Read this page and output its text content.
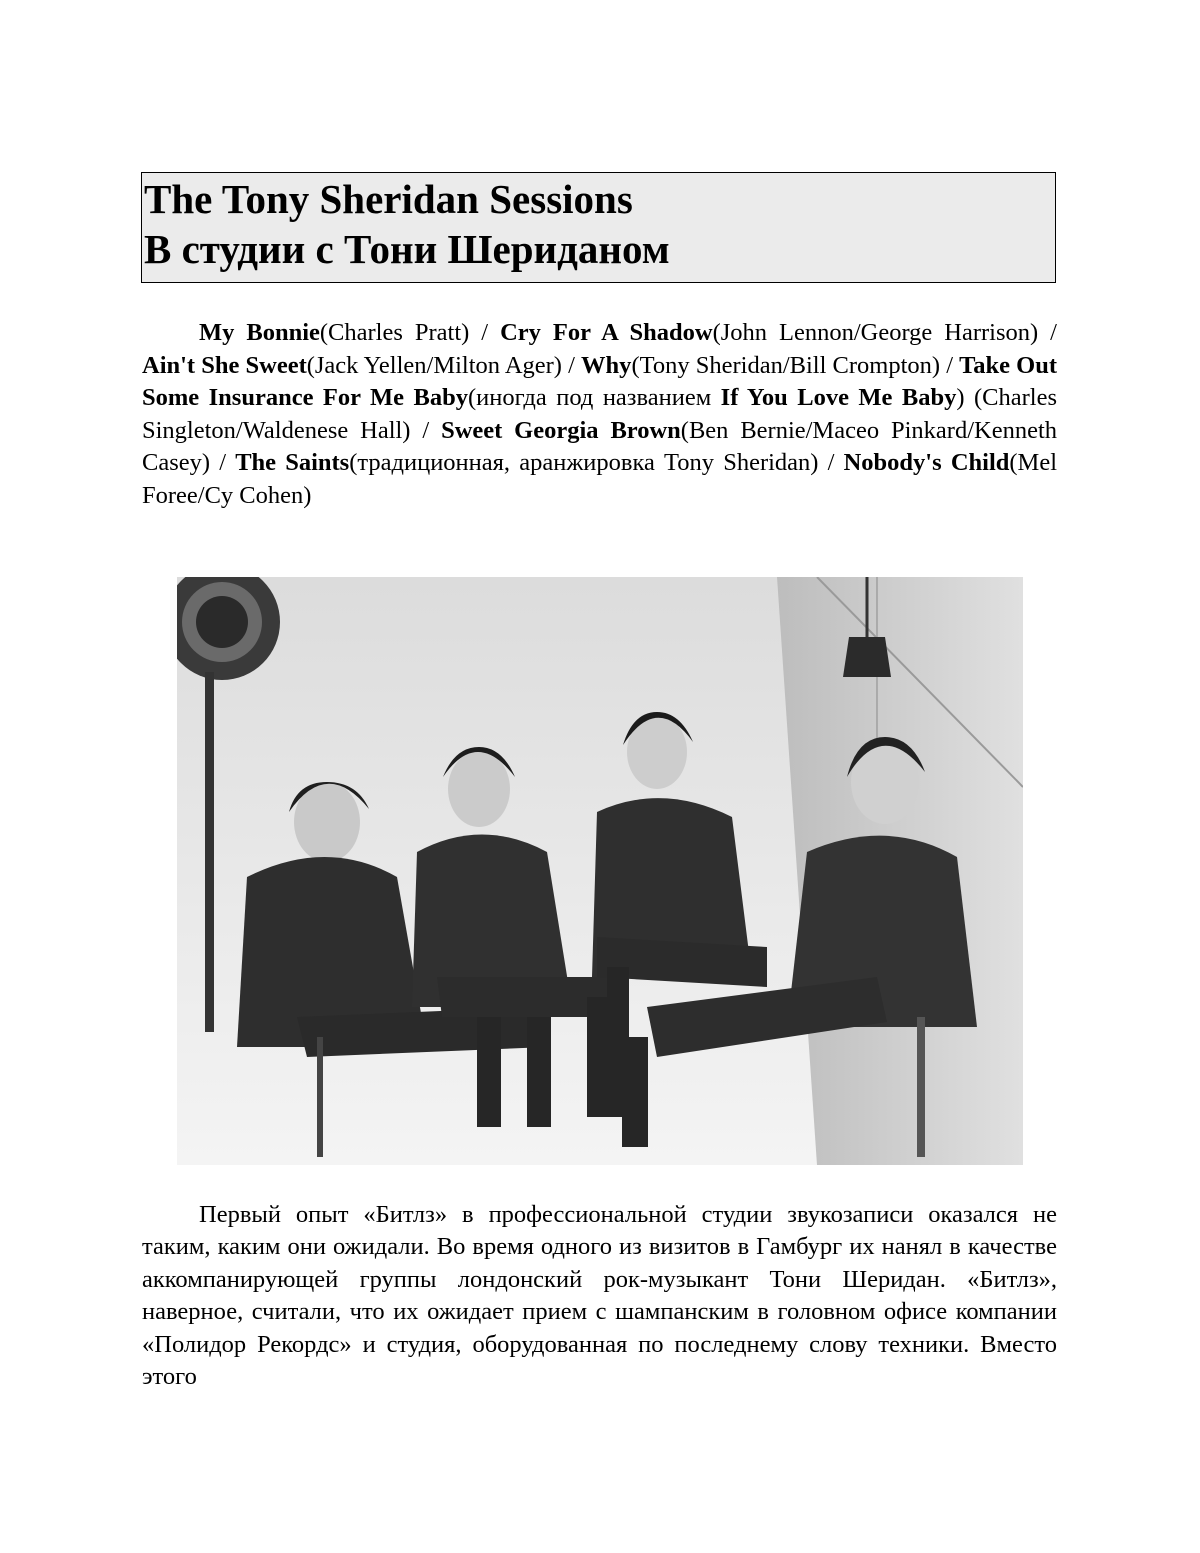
The Tony Sheridan Sessions
В студии с Тони Шериданом
My Bonnie(Charles Pratt) / Cry For A Shadow(John Lennon/George Harrison) / Ain't She Sweet(Jack Yellen/Milton Ager) / Why(Tony Sheridan/Bill Crompton) / Take Out Some Insurance For Me Baby(иногда под названием If You Love Me Baby) (Charles Singleton/Waldenese Hall) / Sweet Georgia Brown(Ben Bernie/Maceo Pinkard/Kenneth Casey) / The Saints(традиционная, аранжировка Tony Sheridan) / Nobody's Child(Mel Foree/Cy Cohen)
Первый опыт «Битлз» в профессиональной студии звукозаписи оказался не таким, каким они ожидали. Во время одного из визитов в Гамбург их нанял в качестве аккомпанирующей группы лондонский рок-музыкант Тони Шеридан. «Битлз», наверное, считали, что их ожидает прием с шампанским в головном офисе компании «Полидор Рекордс» и студия, оборудованная по последнему слову техники. Вместо этого
